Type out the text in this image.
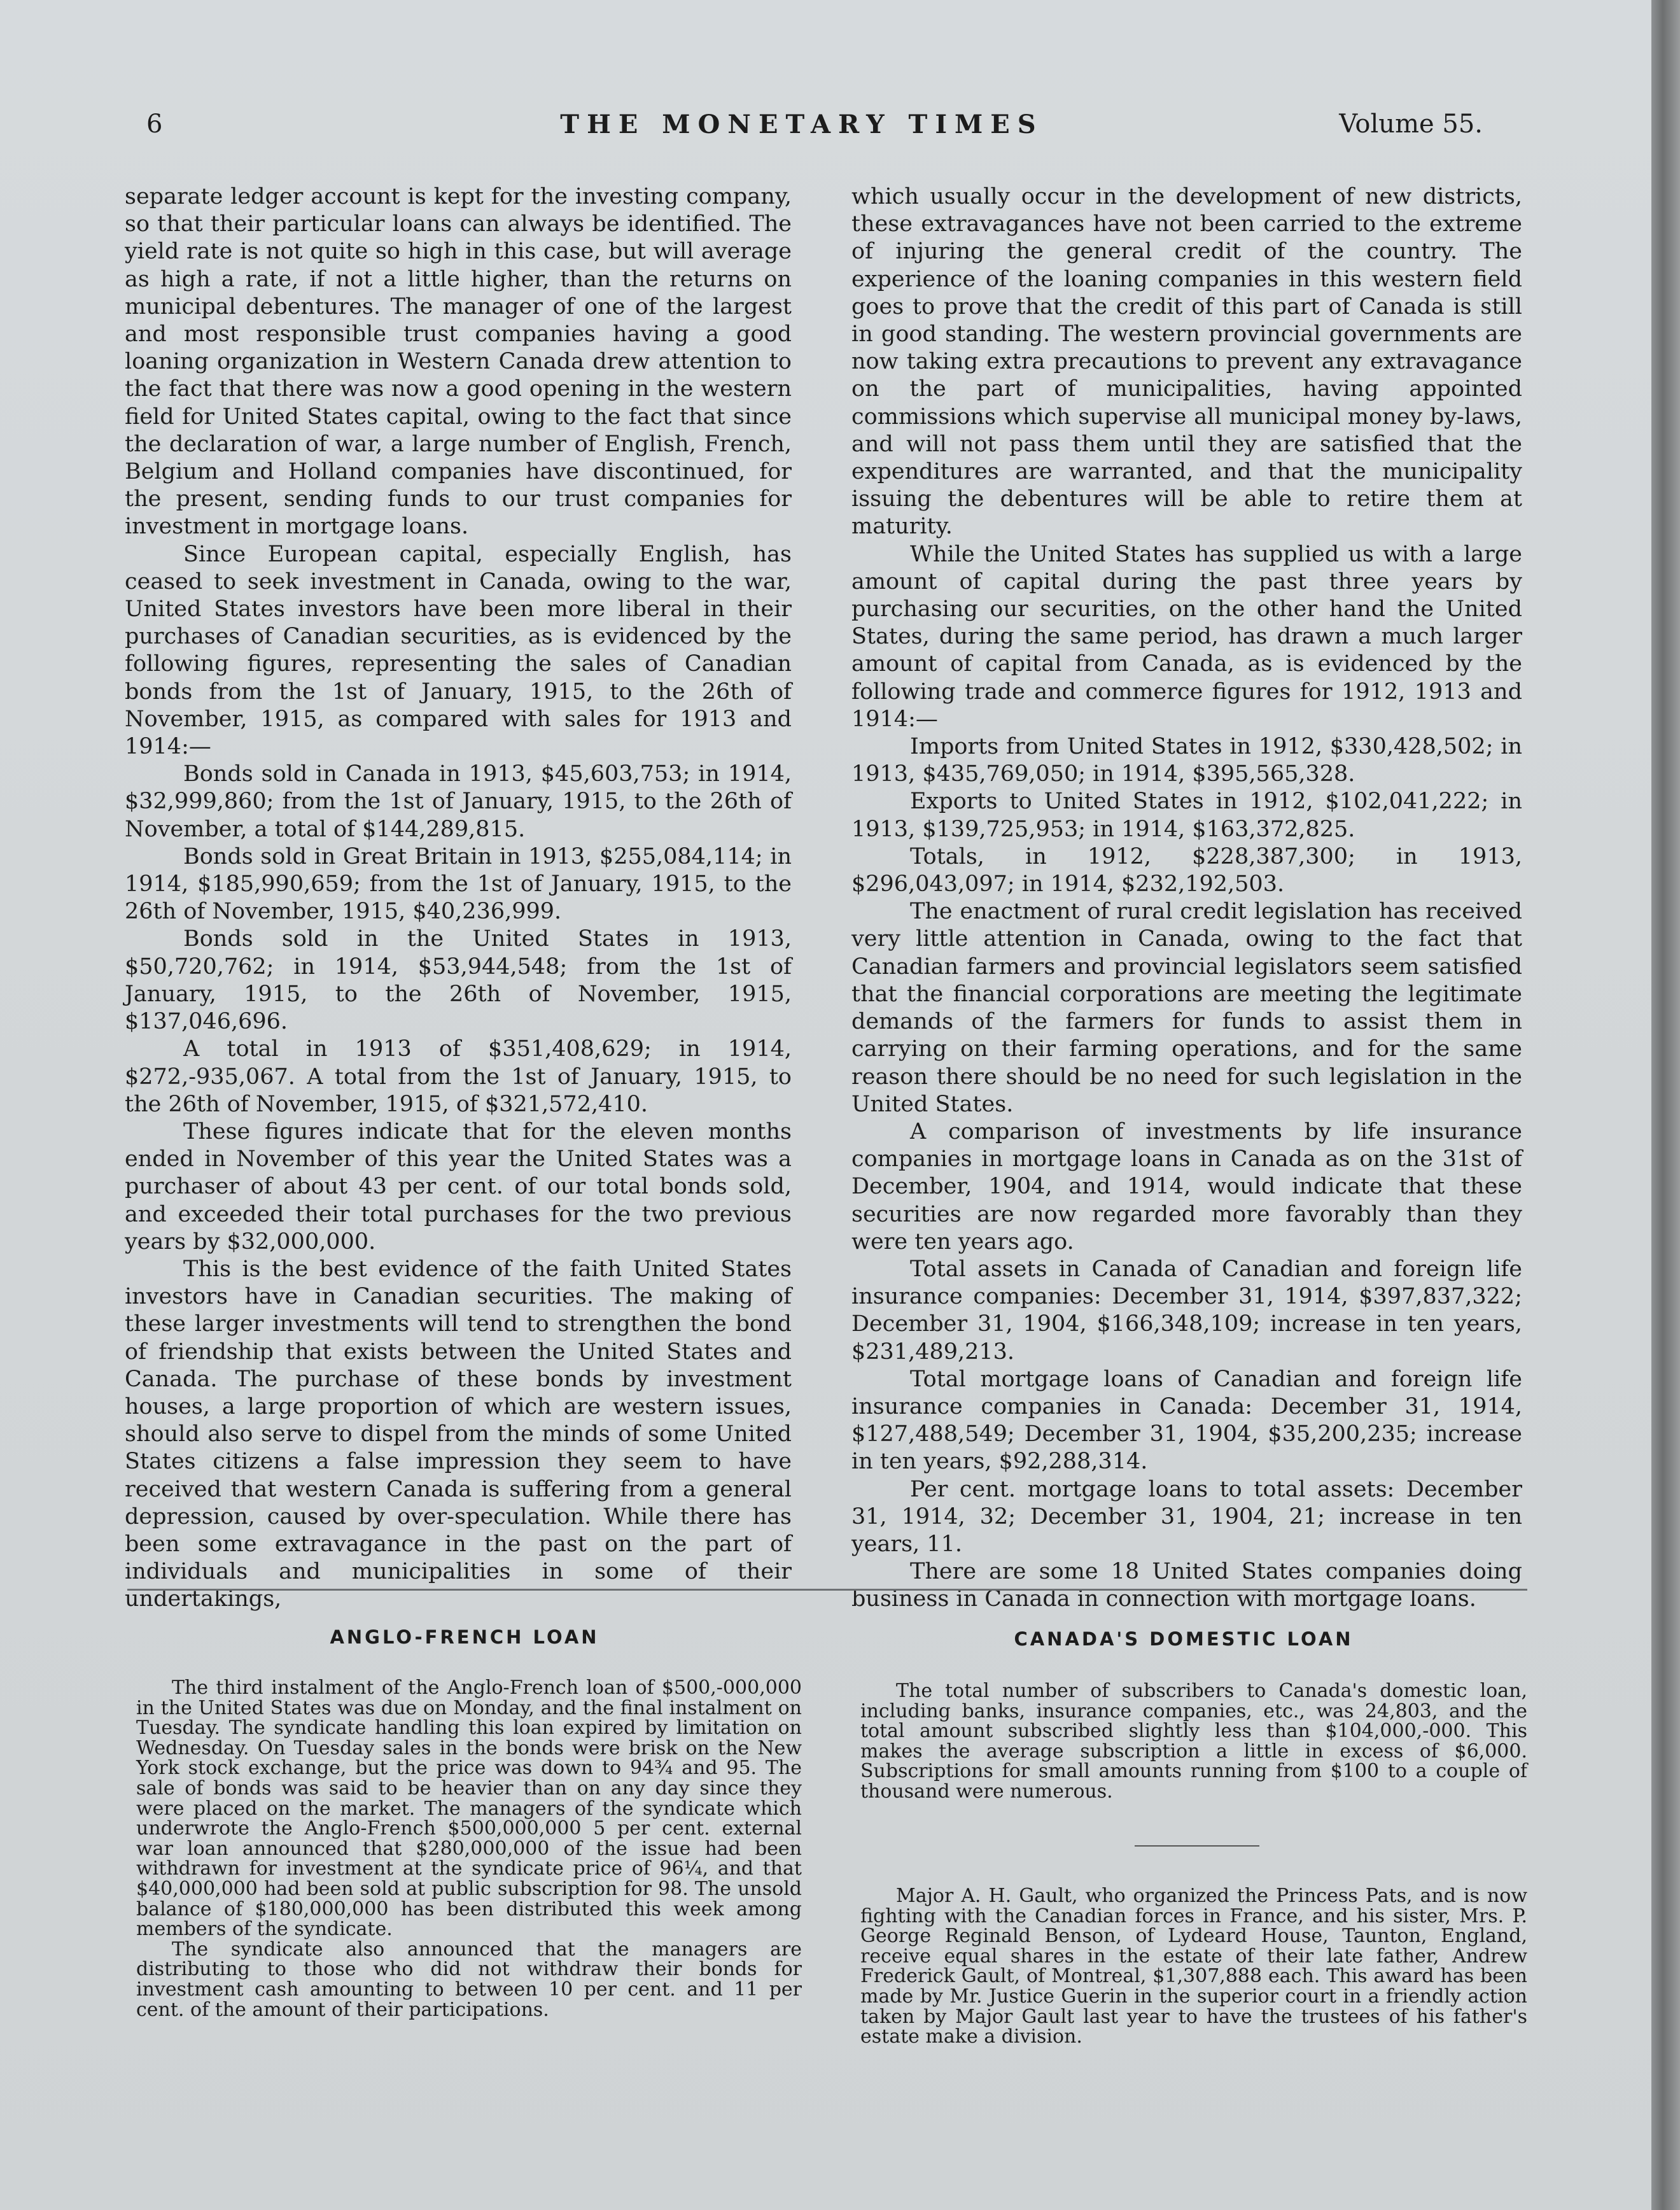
6	THE MONETARY TIMES	Volume 55.

separate ledger account is kept for the investing company, so that their particular loans can always be identified. The yield rate is not quite so high in this case, but will average as high a rate, if not a little higher, than the returns on municipal debentures. The manager of one of the largest and most responsible trust companies having a good loaning organization in Western Canada drew attention to the fact that there was now a good opening in the western field for United States capital, owing to the fact that since the declaration of war, a large number of English, French, Belgium and Holland companies have discontinued, for the present, sending funds to our trust companies for investment in mortgage loans.

Since European capital, especially English, has ceased to seek investment in Canada, owing to the war, United States investors have been more liberal in their purchases of Canadian securities, as is evidenced by the following figures, representing the sales of Canadian bonds from the 1st of January, 1915, to the 26th of November, 1915, as compared with sales for 1913 and 1914:—

Bonds sold in Canada in 1913, $45,603,753; in 1914, $32,999,860; from the 1st of January, 1915, to the 26th of November, a total of $144,289,815.

Bonds sold in Great Britain in 1913, $255,084,114; in 1914, $185,990,659; from the 1st of January, 1915, to the 26th of November, 1915, $40,236,999.

Bonds sold in the United States in 1913, $50,720,762; in 1914, $53,944,548; from the 1st of January, 1915, to the 26th of November, 1915, $137,046,696.

A total in 1913 of $351,408,629; in 1914, $272,-935,067. A total from the 1st of January, 1915, to the 26th of November, 1915, of $321,572,410.

These figures indicate that for the eleven months ended in November of this year the United States was a purchaser of about 43 per cent. of our total bonds sold, and exceeded their total purchases for the two previous years by $32,000,000.

This is the best evidence of the faith United States investors have in Canadian securities. The making of these larger investments will tend to strengthen the bond of friendship that exists between the United States and Canada. The purchase of these bonds by investment houses, a large proportion of which are western issues, should also serve to dispel from the minds of some United States citizens a false impression they seem to have received that western Canada is suffering from a general depression, caused by over-speculation. While there has been some extravagance in the past on the part of individuals and municipalities in some of their undertakings,

which usually occur in the development of new districts, these extravagances have not been carried to the extreme of injuring the general credit of the country. The experience of the loaning companies in this western field goes to prove that the credit of this part of Canada is still in good standing. The western provincial governments are now taking extra precautions to prevent any extravagance on the part of municipalities, having appointed commissions which supervise all municipal money by-laws, and will not pass them until they are satisfied that the expenditures are warranted, and that the municipality issuing the debentures will be able to retire them at maturity.

While the United States has supplied us with a large amount of capital during the past three years by purchasing our securities, on the other hand the United States, during the same period, has drawn a much larger amount of capital from Canada, as is evidenced by the following trade and commerce figures for 1912, 1913 and 1914:—

Imports from United States in 1912, $330,428,502; in 1913, $435,769,050; in 1914, $395,565,328.

Exports to United States in 1912, $102,041,222; in 1913, $139,725,953; in 1914, $163,372,825.

Totals, in 1912, $228,387,300; in 1913, $296,043,097; in 1914, $232,192,503.

The enactment of rural credit legislation has received very little attention in Canada, owing to the fact that Canadian farmers and provincial legislators seem satisfied that the financial corporations are meeting the legitimate demands of the farmers for funds to assist them in carrying on their farming operations, and for the same reason there should be no need for such legislation in the United States.

A comparison of investments by life insurance companies in mortgage loans in Canada as on the 31st of December, 1904, and 1914, would indicate that these securities are now regarded more favorably than they were ten years ago.

Total assets in Canada of Canadian and foreign life insurance companies: December 31, 1914, $397,837,322; December 31, 1904, $166,348,109; increase in ten years, $231,489,213.

Total mortgage loans of Canadian and foreign life insurance companies in Canada: December 31, 1914, $127,488,549; December 31, 1904, $35,200,235; increase in ten years, $92,288,314.

Per cent. mortgage loans to total assets: December 31, 1914, 32; December 31, 1904, 21; increase in ten years, 11.

There are some 18 United States companies doing business in Canada in connection with mortgage loans.

ANGLO-FRENCH LOAN

The third instalment of the Anglo-French loan of $500,-000,000 in the United States was due on Monday, and the final instalment on Tuesday. The syndicate handling this loan expired by limitation on Wednesday. On Tuesday sales in the bonds were brisk on the New York stock exchange, but the price was down to 94¾ and 95. The sale of bonds was said to be heavier than on any day since they were placed on the market. The managers of the syndicate which underwrote the Anglo-French $500,000,000 5 per cent. external war loan announced that $280,000,000 of the issue had been withdrawn for investment at the syndicate price of 96¼, and that $40,000,000 had been sold at public subscription for 98. The unsold balance of $180,000,000 has been distributed this week among members of the syndicate.

The syndicate also announced that the managers are distributing to those who did not withdraw their bonds for investment cash amounting to between 10 per cent. and 11 per cent. of the amount of their participations.

CANADA'S DOMESTIC LOAN

The total number of subscribers to Canada's domestic loan, including banks, insurance companies, etc., was 24,803, and the total amount subscribed slightly less than $104,000,-000. This makes the average subscription a little in excess of $6,000. Subscriptions for small amounts running from $100 to a couple of thousand were numerous.

Major A. H. Gault, who organized the Princess Pats, and is now fighting with the Canadian forces in France, and his sister, Mrs. P. George Reginald Benson, of Lydeard House, Taunton, England, receive equal shares in the estate of their late father, Andrew Frederick Gault, of Montreal, $1,307,888 each. This award has been made by Mr. Justice Guerin in the superior court in a friendly action taken by Major Gault last year to have the trustees of his father's estate make a division.
